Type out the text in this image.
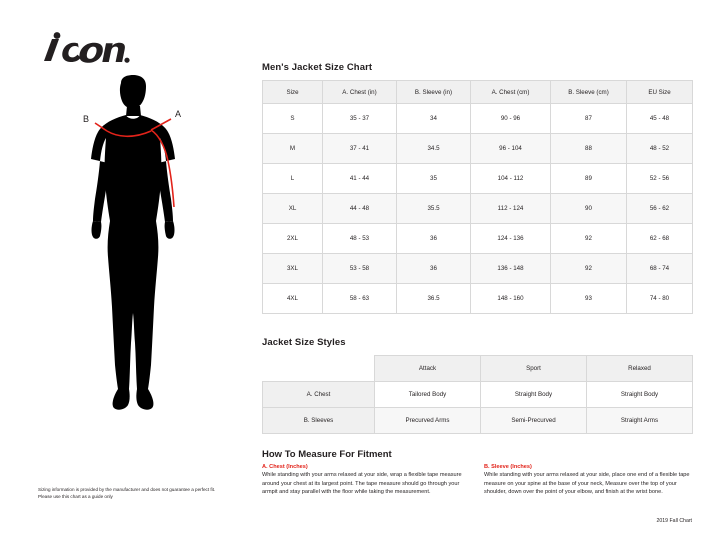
A
B
Sizing information is provided by the manufacturer and does not guarantee a perfect fit.
Please use this chart as a guide only
Men's Jacket Size Chart
Size	A. Chest (in)	B. Sleeve (in)	A. Chest (cm)	B. Sleeve (cm)	EU Size
S	35 - 37	34	90 - 96	87	45 - 48
M	37 - 41	34.5	96 - 104	88	48 - 52
L	41 - 44	35	104 - 112	89	52 - 56
XL	44 - 48	35.5	112 - 124	90	56 - 62
2XL	48 - 53	36	124 - 136	92	62 - 68
3XL	53 - 58	36	136 - 148	92	68 - 74
4XL	58 - 63	36.5	148 - 160	93	74 - 80
Jacket Size Styles
	Attack	Sport	Relaxed
A. Chest	Tailored Body	Straight Body	Straight Body
B. Sleeves	Precurved Arms	Semi-Precurved	Straight Arms
How To Measure For Fitment
A. Chest (Inches)
While standing with your arms relaxed at your side, wrap a flexible tape measure around your chest at its largest point. The tape measure should go through your armpit and stay parallel with the floor while taking the measurement.
B. Sleeve (Inches)
While standing with your arms relaxed at your side, place one end of a flexible tape measure on your spine at the base of your neck, Measure over the top of your shoulder, down over the point of your elbow, and finish at the wrist bone.
2019 Fall Chart
